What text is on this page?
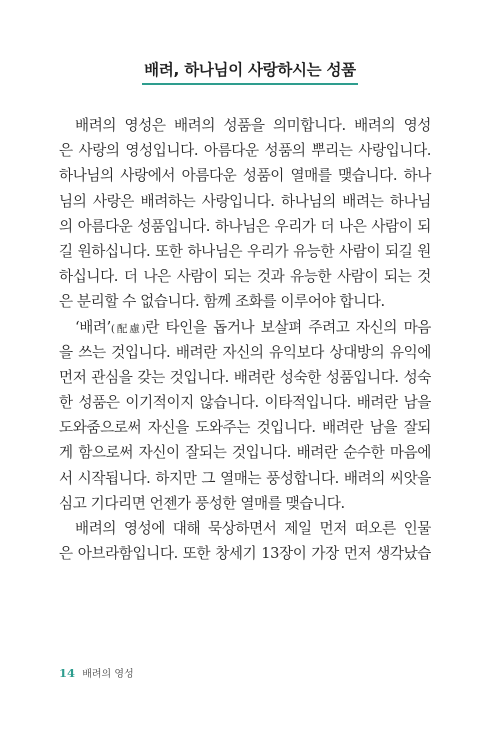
배려, 하나님이 사랑하시는 성품
배려의 영성은 배려의 성품을 의미합니다. 배려의 영성
은 사랑의 영성입니다. 아름다운 성품의 뿌리는 사랑입니다.
하나님의 사랑에서 아름다운 성품이 열매를 맺습니다. 하나
님의 사랑은 배려하는 사랑입니다. 하나님의 배려는 하나님
의 아름다운 성품입니다. 하나님은 우리가 더 나은 사람이 되
길 원하십니다. 또한 하나님은 우리가 유능한 사람이 되길 원
하십니다. 더 나은 사람이 되는 것과 유능한 사람이 되는 것
은 분리할 수 없습니다. 함께 조화를 이루어야 합니다.
‘배려’(配慮)란 타인을 돕거나 보살펴 주려고 자신의 마음
을 쓰는 것입니다. 배려란 자신의 유익보다 상대방의 유익에
먼저 관심을 갖는 것입니다. 배려란 성숙한 성품입니다. 성숙
한 성품은 이기적이지 않습니다. 이타적입니다. 배려란 남을
도와줌으로써 자신을 도와주는 것입니다. 배려란 남을 잘되
게 함으로써 자신이 잘되는 것입니다. 배려란 순수한 마음에
서 시작됩니다. 하지만 그 열매는 풍성합니다. 배려의 씨앗을
심고 기다리면 언젠가 풍성한 열매를 맺습니다.
배려의 영성에 대해 묵상하면서 제일 먼저 떠오른 인물
은 아브라함입니다. 또한 창세기 13장이 가장 먼저 생각났습
14 배려의 영성
